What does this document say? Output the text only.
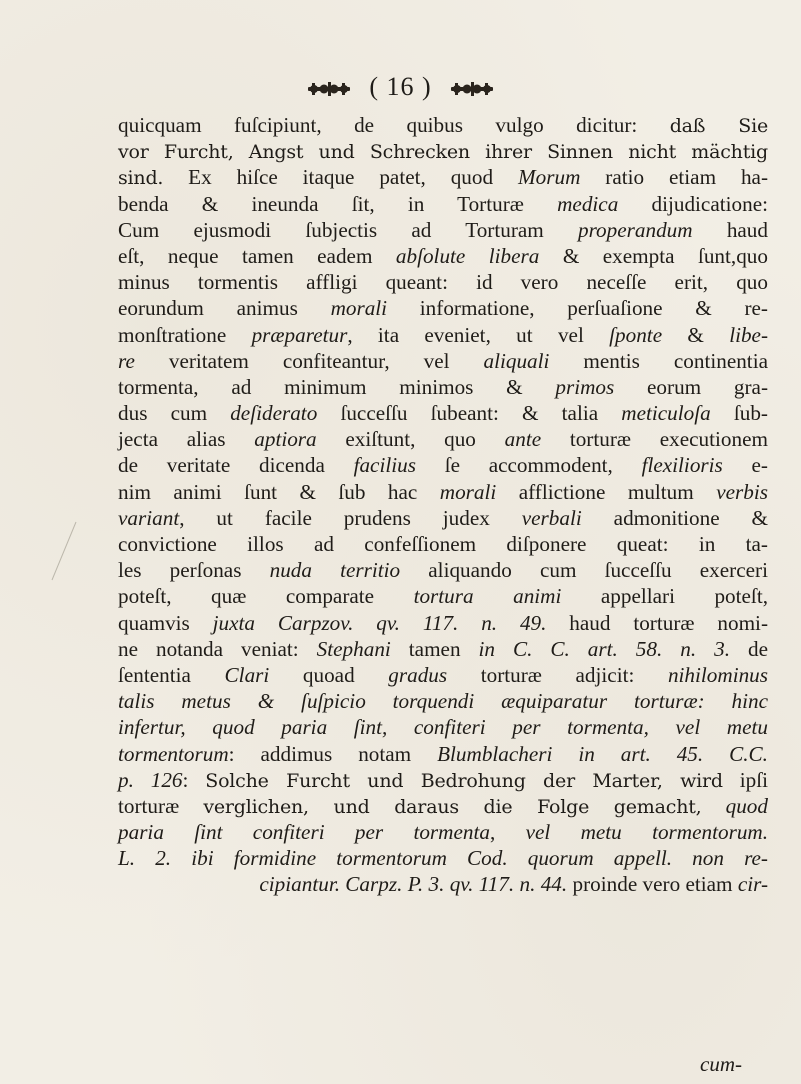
( 16 )
quicquam fuſcipiunt, de quibus vulgo dicitur: daß Sie
vor Furcht, Angst und Schrecken ihrer Sinnen nicht mächtig
sind. Ex hiſce itaque patet, quod Morum ratio etiam ha-
benda & ineunda ſit, in Torturæ medica dijudicatione:
Cum ejusmodi ſubjectis ad Torturam properandum haud
eſt, neque tamen eadem abſolute libera & exempta ſunt,quo
minus tormentis affligi queant: id vero neceſſe erit, quo
eorundum animus morali informatione, perſuaſione & re-
monſtratione præparetur, ita eveniet, ut vel ſponte & libe-
re veritatem confiteantur, vel aliquali mentis continentia
tormenta, ad minimum minimos & primos eorum gra-
dus cum deſiderato ſucceſſu ſubeant: & talia meticuloſa ſub-
jecta alias aptiora exiſtunt, quo ante torturæ executionem
de veritate dicenda facilius ſe accommodent, flexilioris e-
nim animi ſunt & ſub hac morali afflictione multum verbis
variant, ut facile prudens judex verbali admonitione &
convictione illos ad confeſſionem diſponere queat: in ta-
les perſonas nuda territio aliquando cum ſucceſſu exerceri
poteſt, quæ comparate tortura animi appellari poteſt,
quamvis juxta Carpzov. qv. 117. n. 49. haud torturæ nomi-
ne notanda veniat: Stephani tamen in C. C. art. 58. n. 3. de
ſententia Clari quoad gradus torturæ adjicit: nihilominus
talis metus & ſuſpicio torquendi æquiparatur torturæ: hinc
infertur, quod paria ſint, confiteri per tormenta, vel metu
tormentorum: addimus notam Blumblacheri in art. 45. C.C.
p. 126: Solche Furcht und Bedrohung der Marter, wird ipſi
torturæ verglichen, und daraus die Folge gemacht, quod
paria ſint confiteri per tormenta, vel metu tormentorum.
L. 2. ibi formidine tormentorum Cod. quorum appell. non re-
cipiantur. Carpz. P. 3. qv. 117. n. 44. proinde vero etiam cir-
cum-
